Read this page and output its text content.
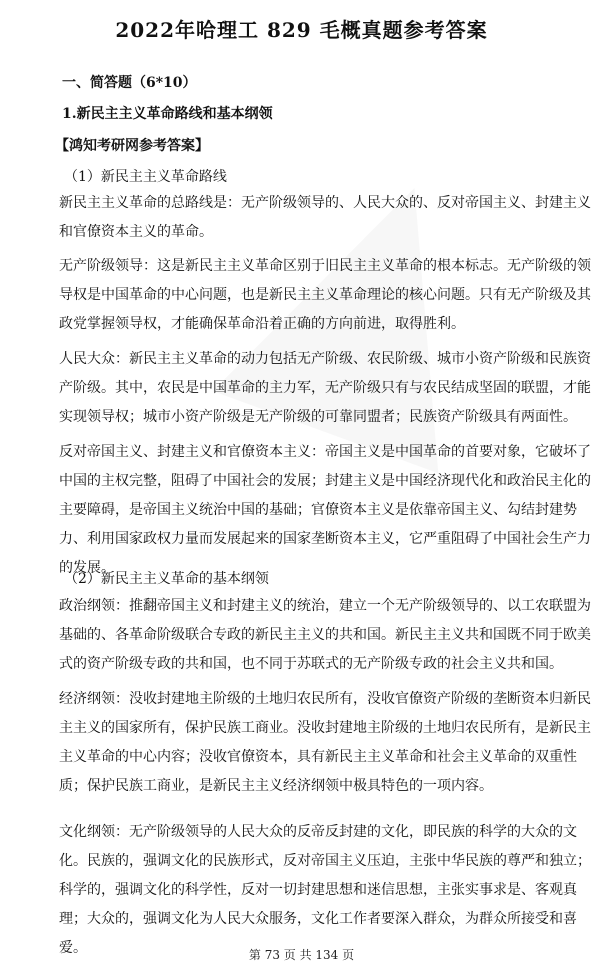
2022年哈理工 829 毛概真题参考答案
一、简答题（6*10）
1.新民主主义革命路线和基本纲领
【鸿知考研网参考答案】
（1）新民主主义革命路线

新民主主义革命的总路线是：无产阶级领导的、人民大众的、反对帝国主义、封建主义和官僚资本主义的革命。

无产阶级领导：这是新民主主义革命区别于旧民主主义革命的根本标志。无产阶级的领导权是中国革命的中心问题，也是新民主主义革命理论的核心问题。只有无产阶级及其政党掌握领导权，才能确保革命沿着正确的方向前进，取得胜利。

人民大众：新民主主义革命的动力包括无产阶级、农民阶级、城市小资产阶级和民族资产阶级。其中，农民是中国革命的主力军，无产阶级只有与农民结成坚固的联盟，才能实现领导权；城市小资产阶级是无产阶级的可靠同盟者；民族资产阶级具有两面性。

反对帝国主义、封建主义和官僚资本主义：帝国主义是中国革命的首要对象，它破坏了中国的主权完整，阻碍了中国社会的发展；封建主义是中国经济现代化和政治民主化的主要障碍，是帝国主义统治中国的基础；官僚资本主义是依靠帝国主义、勾结封建势力、利用国家政权力量而发展起来的国家垄断资本主义，它严重阻碍了中国社会生产力的发展。

（2）新民主主义革命的基本纲领

政治纲领：推翻帝国主义和封建主义的统治，建立一个无产阶级领导的、以工农联盟为基础的、各革命阶级联合专政的新民主主义的共和国。新民主主义共和国既不同于欧美式的资产阶级专政的共和国，也不同于苏联式的无产阶级专政的社会主义共和国。

经济纲领：没收封建地主阶级的土地归农民所有，没收官僚资产阶级的垄断资本归新民主主义的国家所有，保护民族工商业。没收封建地主阶级的土地归农民所有，是新民主主义革命的中心内容；没收官僚资本，具有新民主主义革命和社会主义革命的双重性质；保护民族工商业，是新民主主义经济纲领中极具特色的一项内容。

文化纲领：无产阶级领导的人民大众的反帝反封建的文化，即民族的科学的大众的文化。民族的，强调文化的民族形式，反对帝国主义压迫，主张中华民族的尊严和独立；科学的，强调文化的科学性，反对一切封建思想和迷信思想，主张实事求是、客观真理；大众的，强调文化为人民大众服务，文化工作者要深入群众，为群众所接受和喜爱。	第 73 页 共 134 页
